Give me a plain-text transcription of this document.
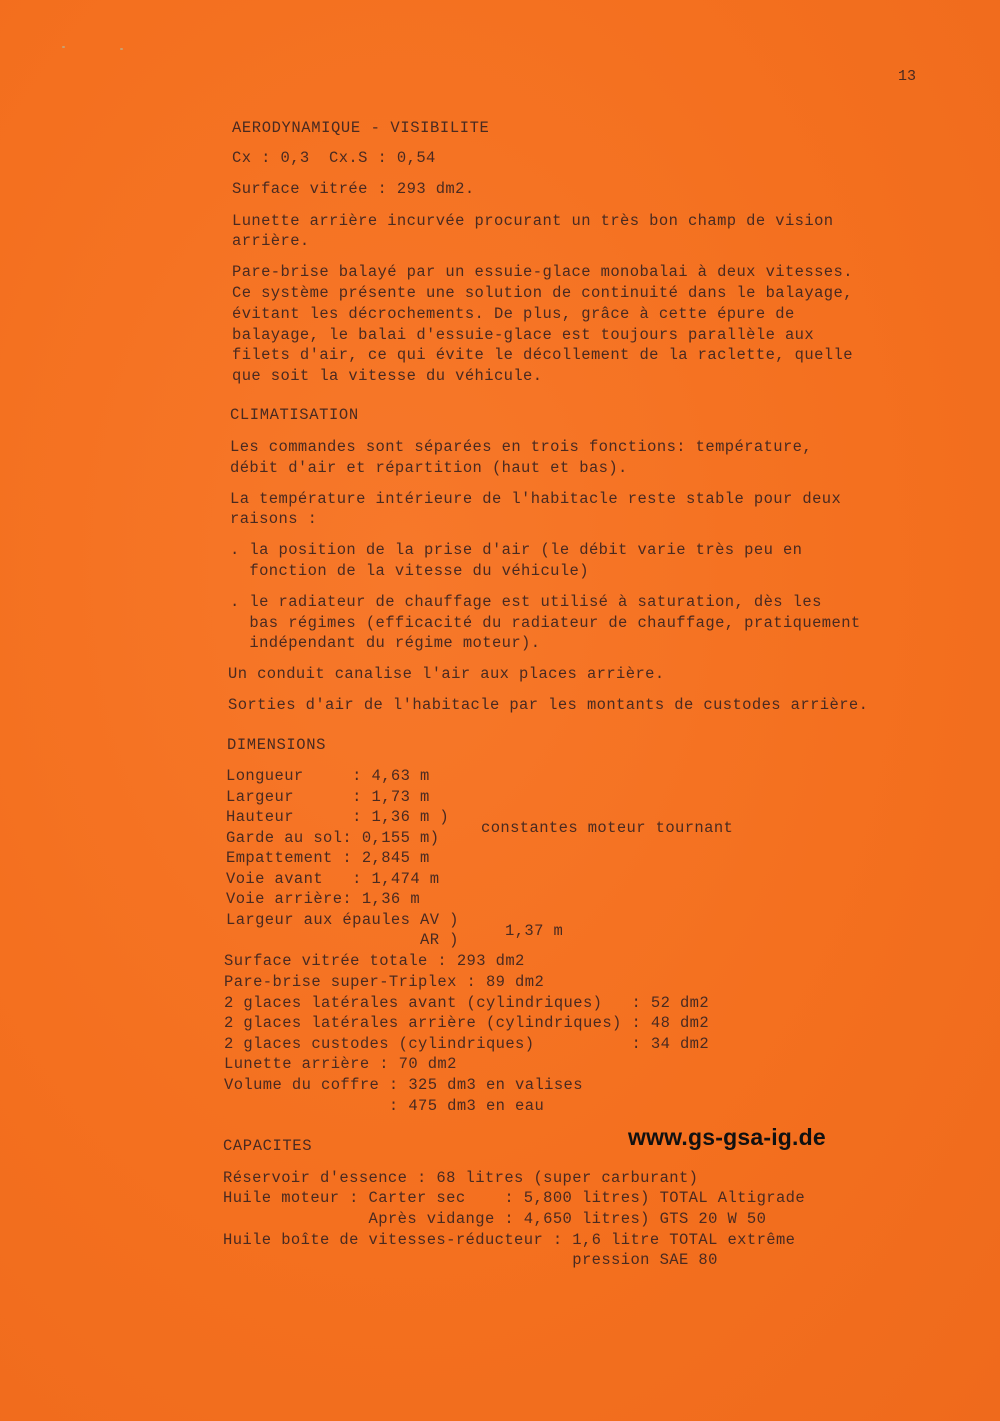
13
AERODYNAMIQUE - VISIBILITE
Cx : 0,3  Cx.S : 0,54
Surface vitrée : 293 dm2.
Lunette arrière incurvée procurant un très bon champ de vision
arrière.
Pare-brise balayé par un essuie-glace monobalai à deux vitesses.
Ce système présente une solution de continuité dans le balayage,
évitant les décrochements. De plus, grâce à cette épure de
balayage, le balai d'essuie-glace est toujours parallèle aux
filets d'air, ce qui évite le décollement de la raclette, quelle
que soit la vitesse du véhicule.
CLIMATISATION
Les commandes sont séparées en trois fonctions: température,
débit d'air et répartition (haut et bas).
La température intérieure de l'habitacle reste stable pour deux
raisons :
. la position de la prise d'air (le débit varie très peu en
fonction de la vitesse du véhicule)
. le radiateur de chauffage est utilisé à saturation, dès les
bas régimes (efficacité du radiateur de chauffage, pratiquement
indépendant du régime moteur).
Un conduit canalise l'air aux places arrière.
Sorties d'air de l'habitacle par les montants de custodes arrière.
DIMENSIONS
Longueur     : 4,63 m
Largeur      : 1,73 m
Hauteur      : 1,36 m )
Garde au sol: 0,155 m)
constantes moteur tournant
Empattement : 2,845 m
Voie avant   : 1,474 m
Voie arrière: 1,36 m
Largeur aux épaules AV )
AR )	1,37 m
Surface vitrée totale : 293 dm2
Pare-brise super-Triplex : 89 dm2
2 glaces latérales avant (cylindriques)   : 52 dm2
2 glaces latérales arrière (cylindriques) : 48 dm2
2 glaces custodes (cylindriques)          : 34 dm2
Lunette arrière : 70 dm2
Volume du coffre : 325 dm3 en valises
: 475 dm3 en eau
CAPACITES	www.gs-gsa-ig.de
Réservoir d'essence : 68 litres (super carburant)
Huile moteur : Carter sec    : 5,800 litres) TOTAL Altigrade
Après vidange : 4,650 litres) GTS 20 W 50
Huile boîte de vitesses-réducteur : 1,6 litre TOTAL extrême
pression SAE 80
